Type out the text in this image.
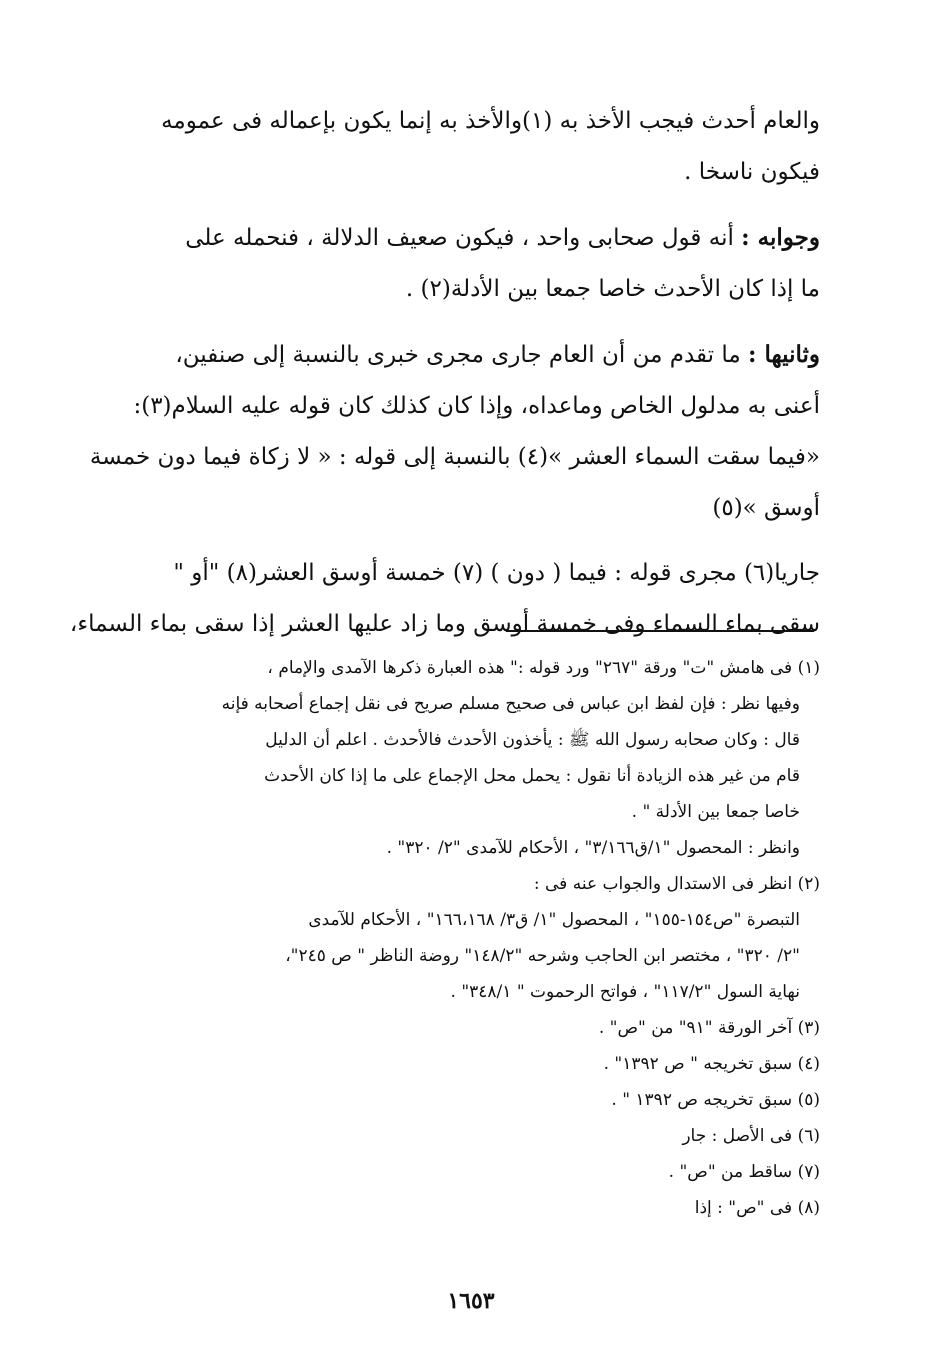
والعام أحدث فيجب الأخذ به (١)والأخذ به إنما يكون بإعماله فى عمومه
فيكون ناسخا .

وجوابه : أنه قول صحابى واحد ، فيكون صعيف الدلالة ، فنحمله على
ما إذا كان الأحدث خاصا جمعا بين الأدلة(٢) .

وثانيها : ما تقدم من أن العام جارى مجرى خبرى بالنسبة إلى صنفين،
أعنى به مدلول الخاص وماعداه، وإذا كان كذلك كان قوله عليه السلام(٣):
«فيما سقت السماء العشر »(٤) بالنسبة إلى قوله : « لا زكاة فيما دون خمسة
أوسق »(٥)

جاريا(٦) مجرى قوله : فيما ( دون ) (٧) خمسة أوسق العشر(٨) "أو "
سقى بماء السماء وفى خمسة أوسق وما زاد عليها العشر إذا سقى بماء السماء،

(١) فى هامش "ت" ورقة "٢٦٧" ورد قوله :" هذه العبارة ذكرها الآمدى والإمام ،
وفيها نظر : فإن لفظ ابن عباس فى صحيح مسلم صريح فى نقل إجماع أصحابه فإنه
قال : وكان صحابه رسول الله ﷺ : يأخذون الأحدث فالأحدث . اعلم أن الدليل
قام من غير هذه الزيادة أنا نقول : يحمل محل الإجماع على ما إذا كان الأحدث
خاصا جمعا بين الأدلة " .
وانظر : المحصول "١/ق٣/١٦٦" ، الأحكام للآمدى "٢/ ٣٢٠" .
(٢) انظر فى الاستدال والجواب عنه فى :
التبصرة "ص١٥٤-١٥٥" ، المحصول "١/ ق٣/ ١٦٦،١٦٨" ، الأحكام للآمدى
"٢/ ٣٢٠" ، مختصر ابن الحاجب وشرحه "١٤٨/٢" روضة الناظر " ص ٢٤٥"،
نهاية السول "١١٧/٢" ، فواتح الرحموت " ٣٤٨/١" .
(٣) آخر الورقة "٩١" من "ص" .
(٤) سبق تخريجه " ص ١٣٩٢" .
(٥) سبق تخريجه ص ١٣٩٢ " .
(٦) فى الأصل : جار
(٧) ساقط من "ص" .
(٨) فى "ص" : إذا
١٦٥٣
